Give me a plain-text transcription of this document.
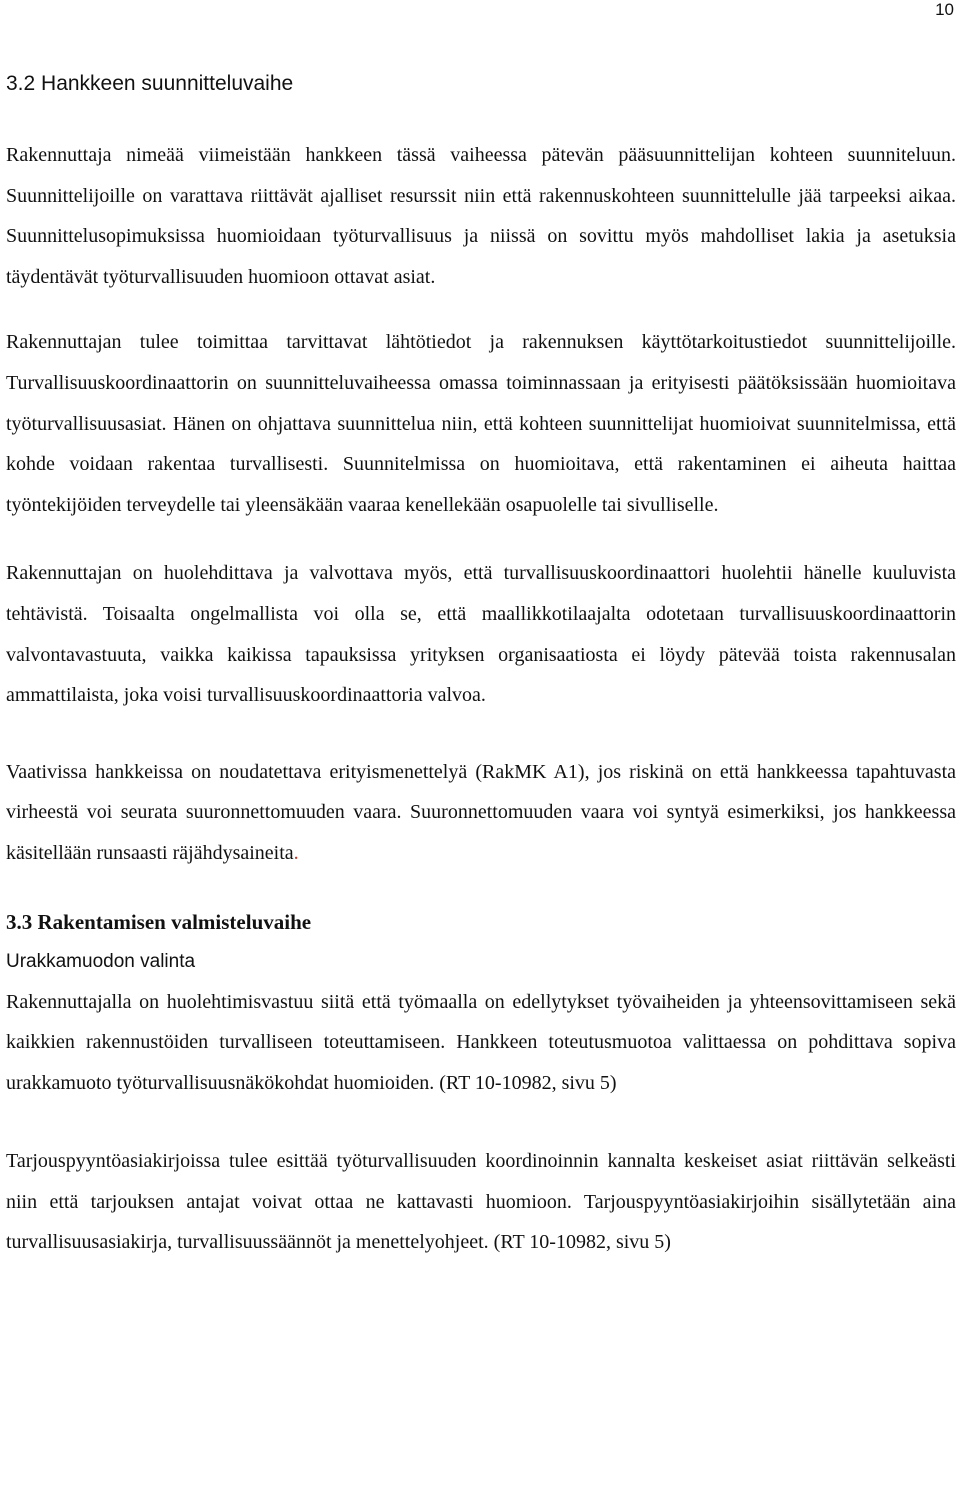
10
3.2 Hankkeen suunnitteluvaihe

Rakennuttaja nimeää viimeistään hankkeen tässä vaiheessa pätevän pääsuunnittelijan kohteen suunniteluun. Suunnittelijoille on varattava riittävät ajalliset resurssit niin että rakennuskohteen suunnittelulle jää tarpeeksi aikaa. Suunnittelusopimuksissa huomioidaan työturvallisuus ja niissä on sovittu myös mahdolliset lakia ja asetuksia täydentävät työturvallisuuden huomioon ottavat asiat.

Rakennuttajan tulee toimittaa tarvittavat lähtötiedot ja rakennuksen käyttötarkoitustiedot suunnittelijoille. Turvallisuuskoordinaattorin on suunnitteluvaiheessa omassa toiminnassaan ja erityisesti päätöksissään huomioitava työturvallisuusasiat. Hänen on ohjattava suunnittelua niin, että kohteen suunnittelijat huomioivat suunnitelmissa, että kohde voidaan rakentaa turvallisesti. Suunnitelmissa on huomioitava, että rakentaminen ei aiheuta haittaa työntekijöiden terveydelle tai yleensäkään vaaraa kenellekään osapuolelle tai sivulliselle.

Rakennuttajan on huolehdittava ja valvottava myös, että turvallisuuskoordinaattori huolehtii hänelle kuuluvista tehtävistä. Toisaalta ongelmallista voi olla se, että maallikkotilaajalta odotetaan turvallisuuskoordinaattorin valvontavastuuta, vaikka kaikissa tapauksissa yrityksen organisaatiosta ei löydy pätevää toista rakennusalan ammattilaista, joka voisi turvallisuuskoordinaattoria valvoa.

Vaativissa hankkeissa on noudatettava erityismenettelyä (RakMK A1), jos riskinä on että hankkeessa tapahtuvasta virheestä voi seurata suuronnettomuuden vaara. Suuronnettomuuden vaara voi syntyä esimerkiksi, jos hankkeessa käsitellään runsaasti räjähdysaineita.

3.3 Rakentamisen valmisteluvaihe
Urakkamuodon valinta

Rakennuttajalla on huolehtimisvastuu siitä että työmaalla on edellytykset työvaiheiden ja yhteensovittamiseen sekä kaikkien rakennustöiden turvalliseen toteuttamiseen. Hankkeen toteutusmuotoa valittaessa on pohdittava sopiva urakkamuoto työturvallisuusnäkökohdat huomioiden. (RT 10-10982, sivu 5)

Tarjouspyyntöasiakirjoissa tulee esittää työturvallisuuden koordinoinnin kannalta keskeiset asiat riittävän selkeästi niin että tarjouksen antajat voivat ottaa ne kattavasti huomioon. Tarjouspyyntöasiakirjoihin sisällytetään aina turvallisuusasiakirja, turvallisuussäännöt ja menettelyohjeet. (RT 10-10982, sivu 5)
